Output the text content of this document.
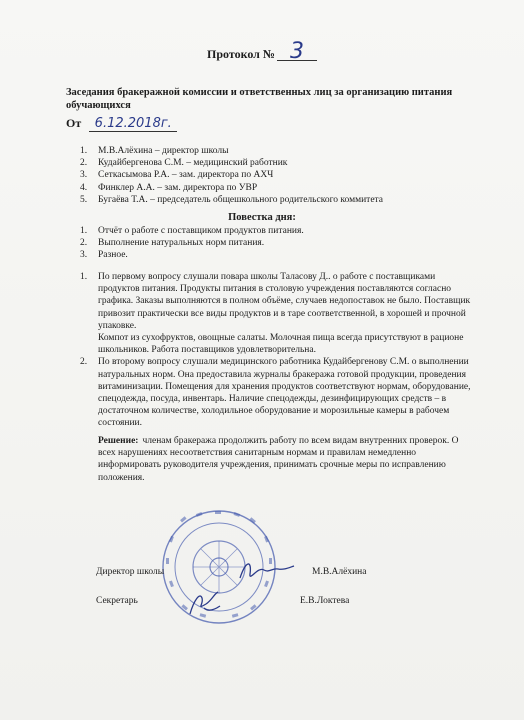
Протокол № 3
Заседания бракеражной комиссии и ответственных лиц за организацию питания обучающихся
От 6.12.2018г.
1. М.В.Алёхина – директор школы
2. Кудайбергенова С.М. – медицинский работник
3. Сеткасымова Р.А. – зам. директора по АХЧ
4. Финклер А.А. – зам. директора по УВР
5. Бугаёва Т.А. – председатель общешкольного родительского коммитета
Повестка дня:
1. Отчёт о работе с поставщиком продуктов питания.
2. Выполнение натуральных норм питания.
3. Разное.
1.	По первому вопросу слушали повара школы Таласову Д.. о работе с поставщиками продуктов питания. Продукты питания в столовую учреждения поставляются согласно графика. Заказы выполняются в полном объёме, случаев недопоставок не было. Поставщик привозит практически все виды продуктов и в таре соответственной, в хорошей и прочной упаковке.
Компот из сухофруктов, овощные салаты. Молочная пища всегда присутствуют в рационе школьников. Работа поставщиков удовлетворительна.
2.	По второму вопросу слушали медицинского работника Кудайбергенову С.М. о выполнении натуральных норм. Она предоставила журналы бракеража готовой продукции, проведения витаминизации. Помещения для хранения продуктов соответствуют нормам, оборудование, спецодежда, посуда, инвентарь. Наличие спецодежды, дезинфицирующих средств – в достаточном количестве, холодильное оборудование и морозильные камеры в рабочем состоянии.
Решение: членам бракеража продолжить работу по всем видам внутренних проверок. О всех нарушениях несоответствия санитарным нормам и правилам немедленно информировать руководителя учреждения, принимать срочные меры по исправлению положения.
Директор школы	М.В.Алёхина
Секретарь	Е.В.Локтева
